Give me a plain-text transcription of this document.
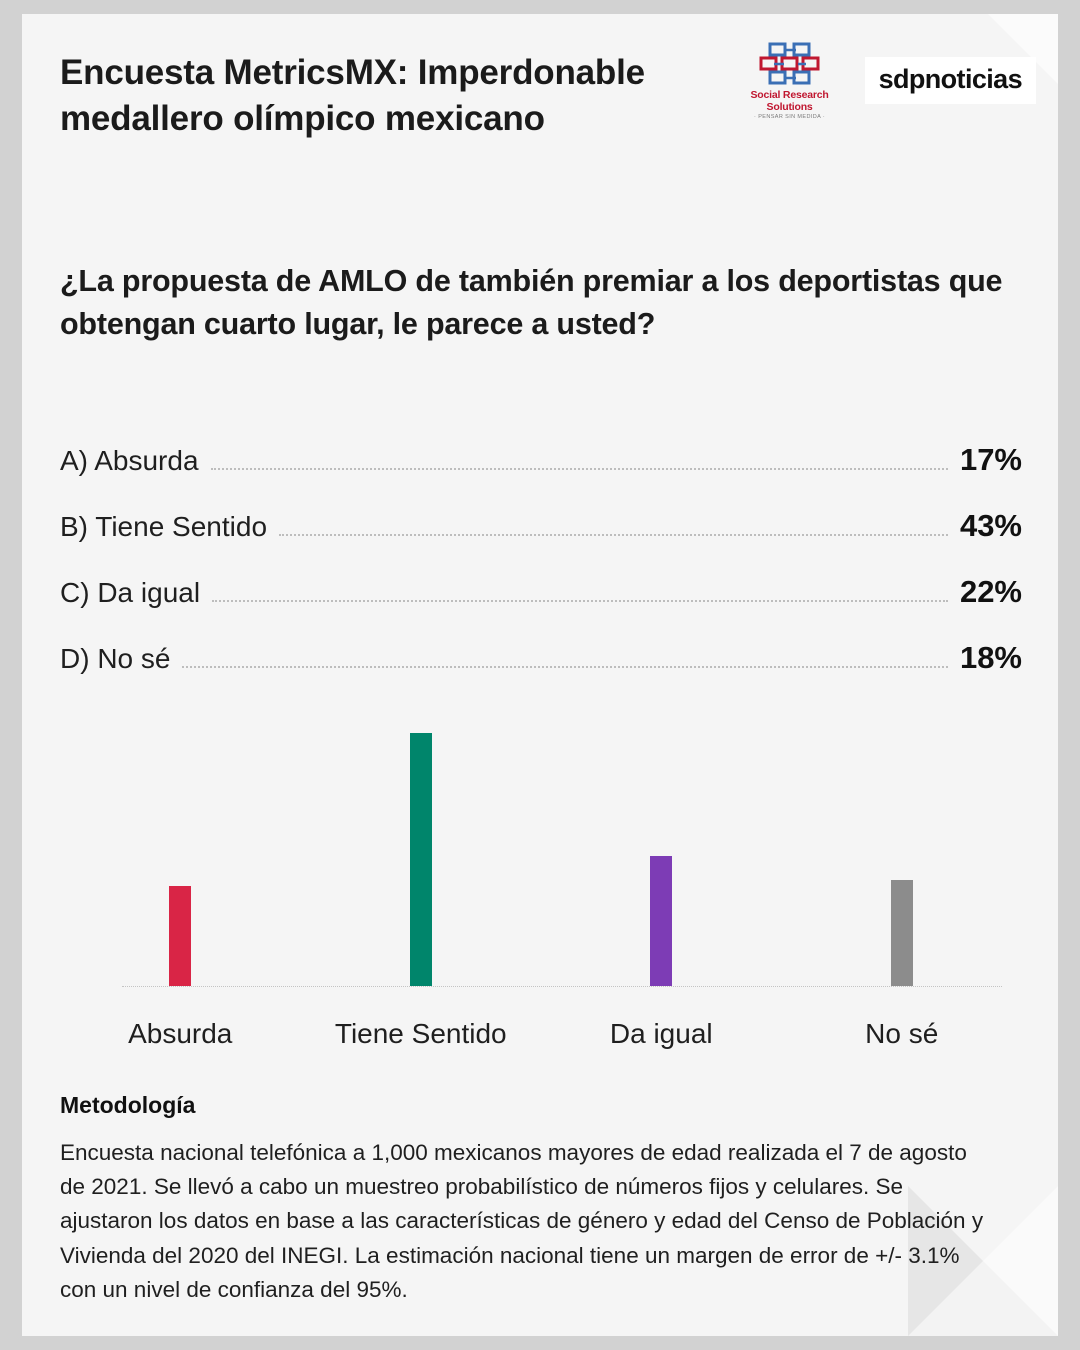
Encuesta MetricsMX: Imperdonable medallero olímpico mexicano
Social Research Solutions
· PENSAR SIN MEDIDA ·
sdpnoticias
¿La propuesta de AMLO de también premiar a los deportistas que obtengan cuarto lugar, le parece a usted?
A) Absurda	17%
B) Tiene Sentido	43%
C) Da igual	22%
D) No sé	18%
Absurda	Tiene Sentido	Da igual	No sé
Metodología
Encuesta nacional telefónica a 1,000 mexicanos mayores de edad realizada el 7 de agosto de 2021. Se llevó a cabo un muestreo probabilístico de números fijos y celulares. Se ajustaron los datos en base a las características de género y edad del Censo de Población y Vivienda del 2020 del INEGI. La estimación nacional tiene un margen de error de +/- 3.1% con un nivel de confianza del 95%.
